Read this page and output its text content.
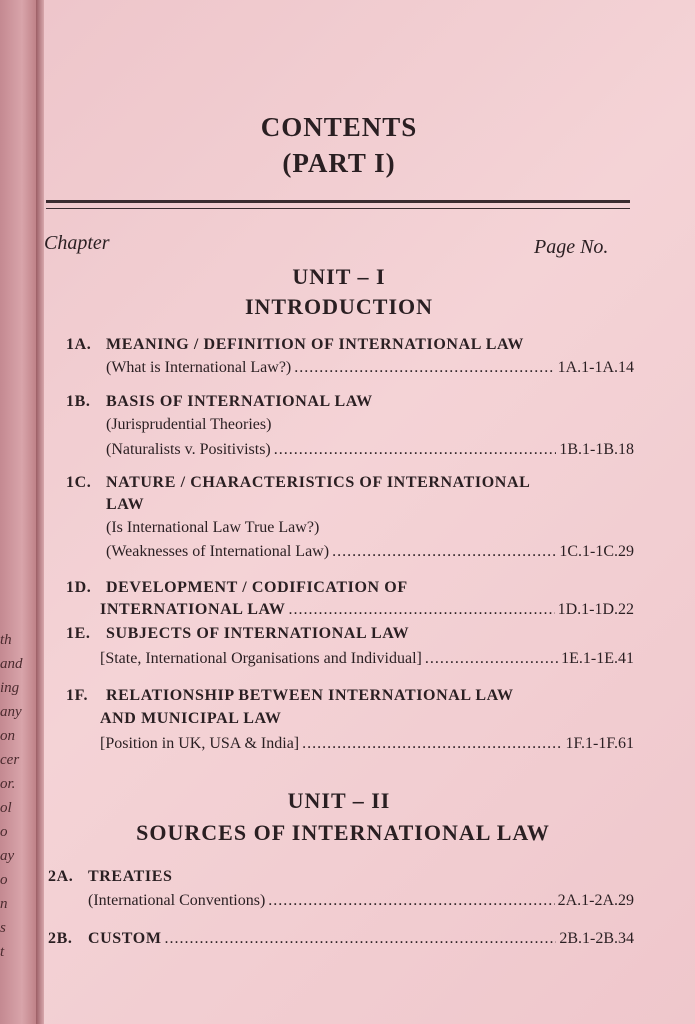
th
and
ing
any
on
cer
or.
ol
o
ay
o
n
s
t
CONTENTS
(PART I)
Chapter	Page No.
UNIT – I
INTRODUCTION
1A. MEANING / DEFINITION OF INTERNATIONAL LAW
(What is International Law?) .....	1A.1-1A.14
1B. BASIS OF INTERNATIONAL LAW
(Jurisprudential Theories)
(Naturalists v. Positivists) .....	1B.1-1B.18
1C. NATURE / CHARACTERISTICS OF INTERNATIONAL
LAW
(Is International Law True Law?)
(Weaknesses of International Law) .....	1C.1-1C.29
1D. DEVELOPMENT / CODIFICATION OF
INTERNATIONAL LAW .....	1D.1-1D.22
1E. SUBJECTS OF INTERNATIONAL LAW
[State, International Organisations and Individual] .....	1E.1-1E.41
1F.	RELATIONSHIP BETWEEN INTERNATIONAL LAW
AND MUNICIPAL LAW
[Position in UK, USA & India] .....	1F.1-1F.61
UNIT – II
SOURCES OF INTERNATIONAL LAW
2A. TREATIES
(International Conventions) .....	2A.1-2A.29
2B. CUSTOM .....	2B.1-2B.34
